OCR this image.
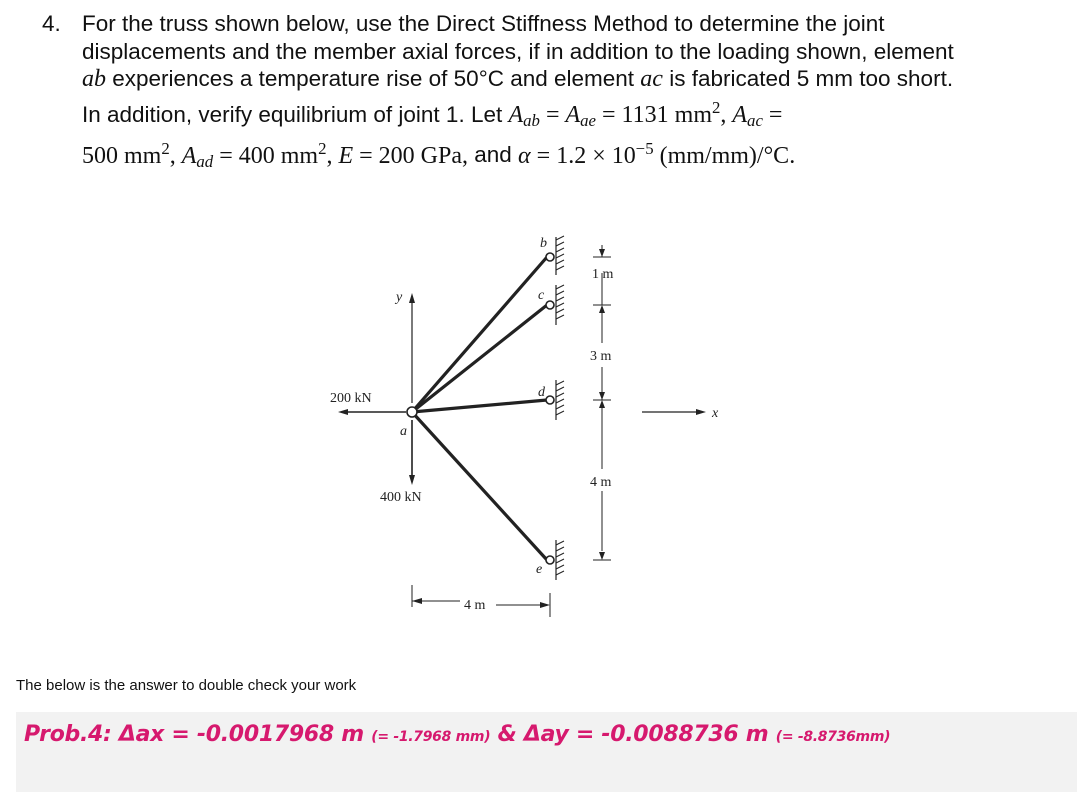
4. For the truss shown below, use the Direct Stiffness Method to determine the joint
displacements and the member axial forces, if in addition to the loading shown, element
ab experiences a temperature rise of 50°C and element ac is fabricated 5 mm too short.
In addition, verify equilibrium of joint 1. Let $A_{ab} = A_{ae} = 1131$ $mm^2$, $A_{ac}$ =
500 $mm^2$, $A_{ad} = 400$ $mm^2$, E = 200 GPa, and $\alpha = 1.2 \times 10^{-5}$ (mm/mm)/°C.
a
b
c
d
e
y
x
200 kN
400 kN
1 m
3 m
4 m
4 m
The below is the answer to double check your work
Prob.4: Δax = -0.0017968 m (= -1.7968 mm) & Δay = -0.0088736 m (= -8.8736mm)
